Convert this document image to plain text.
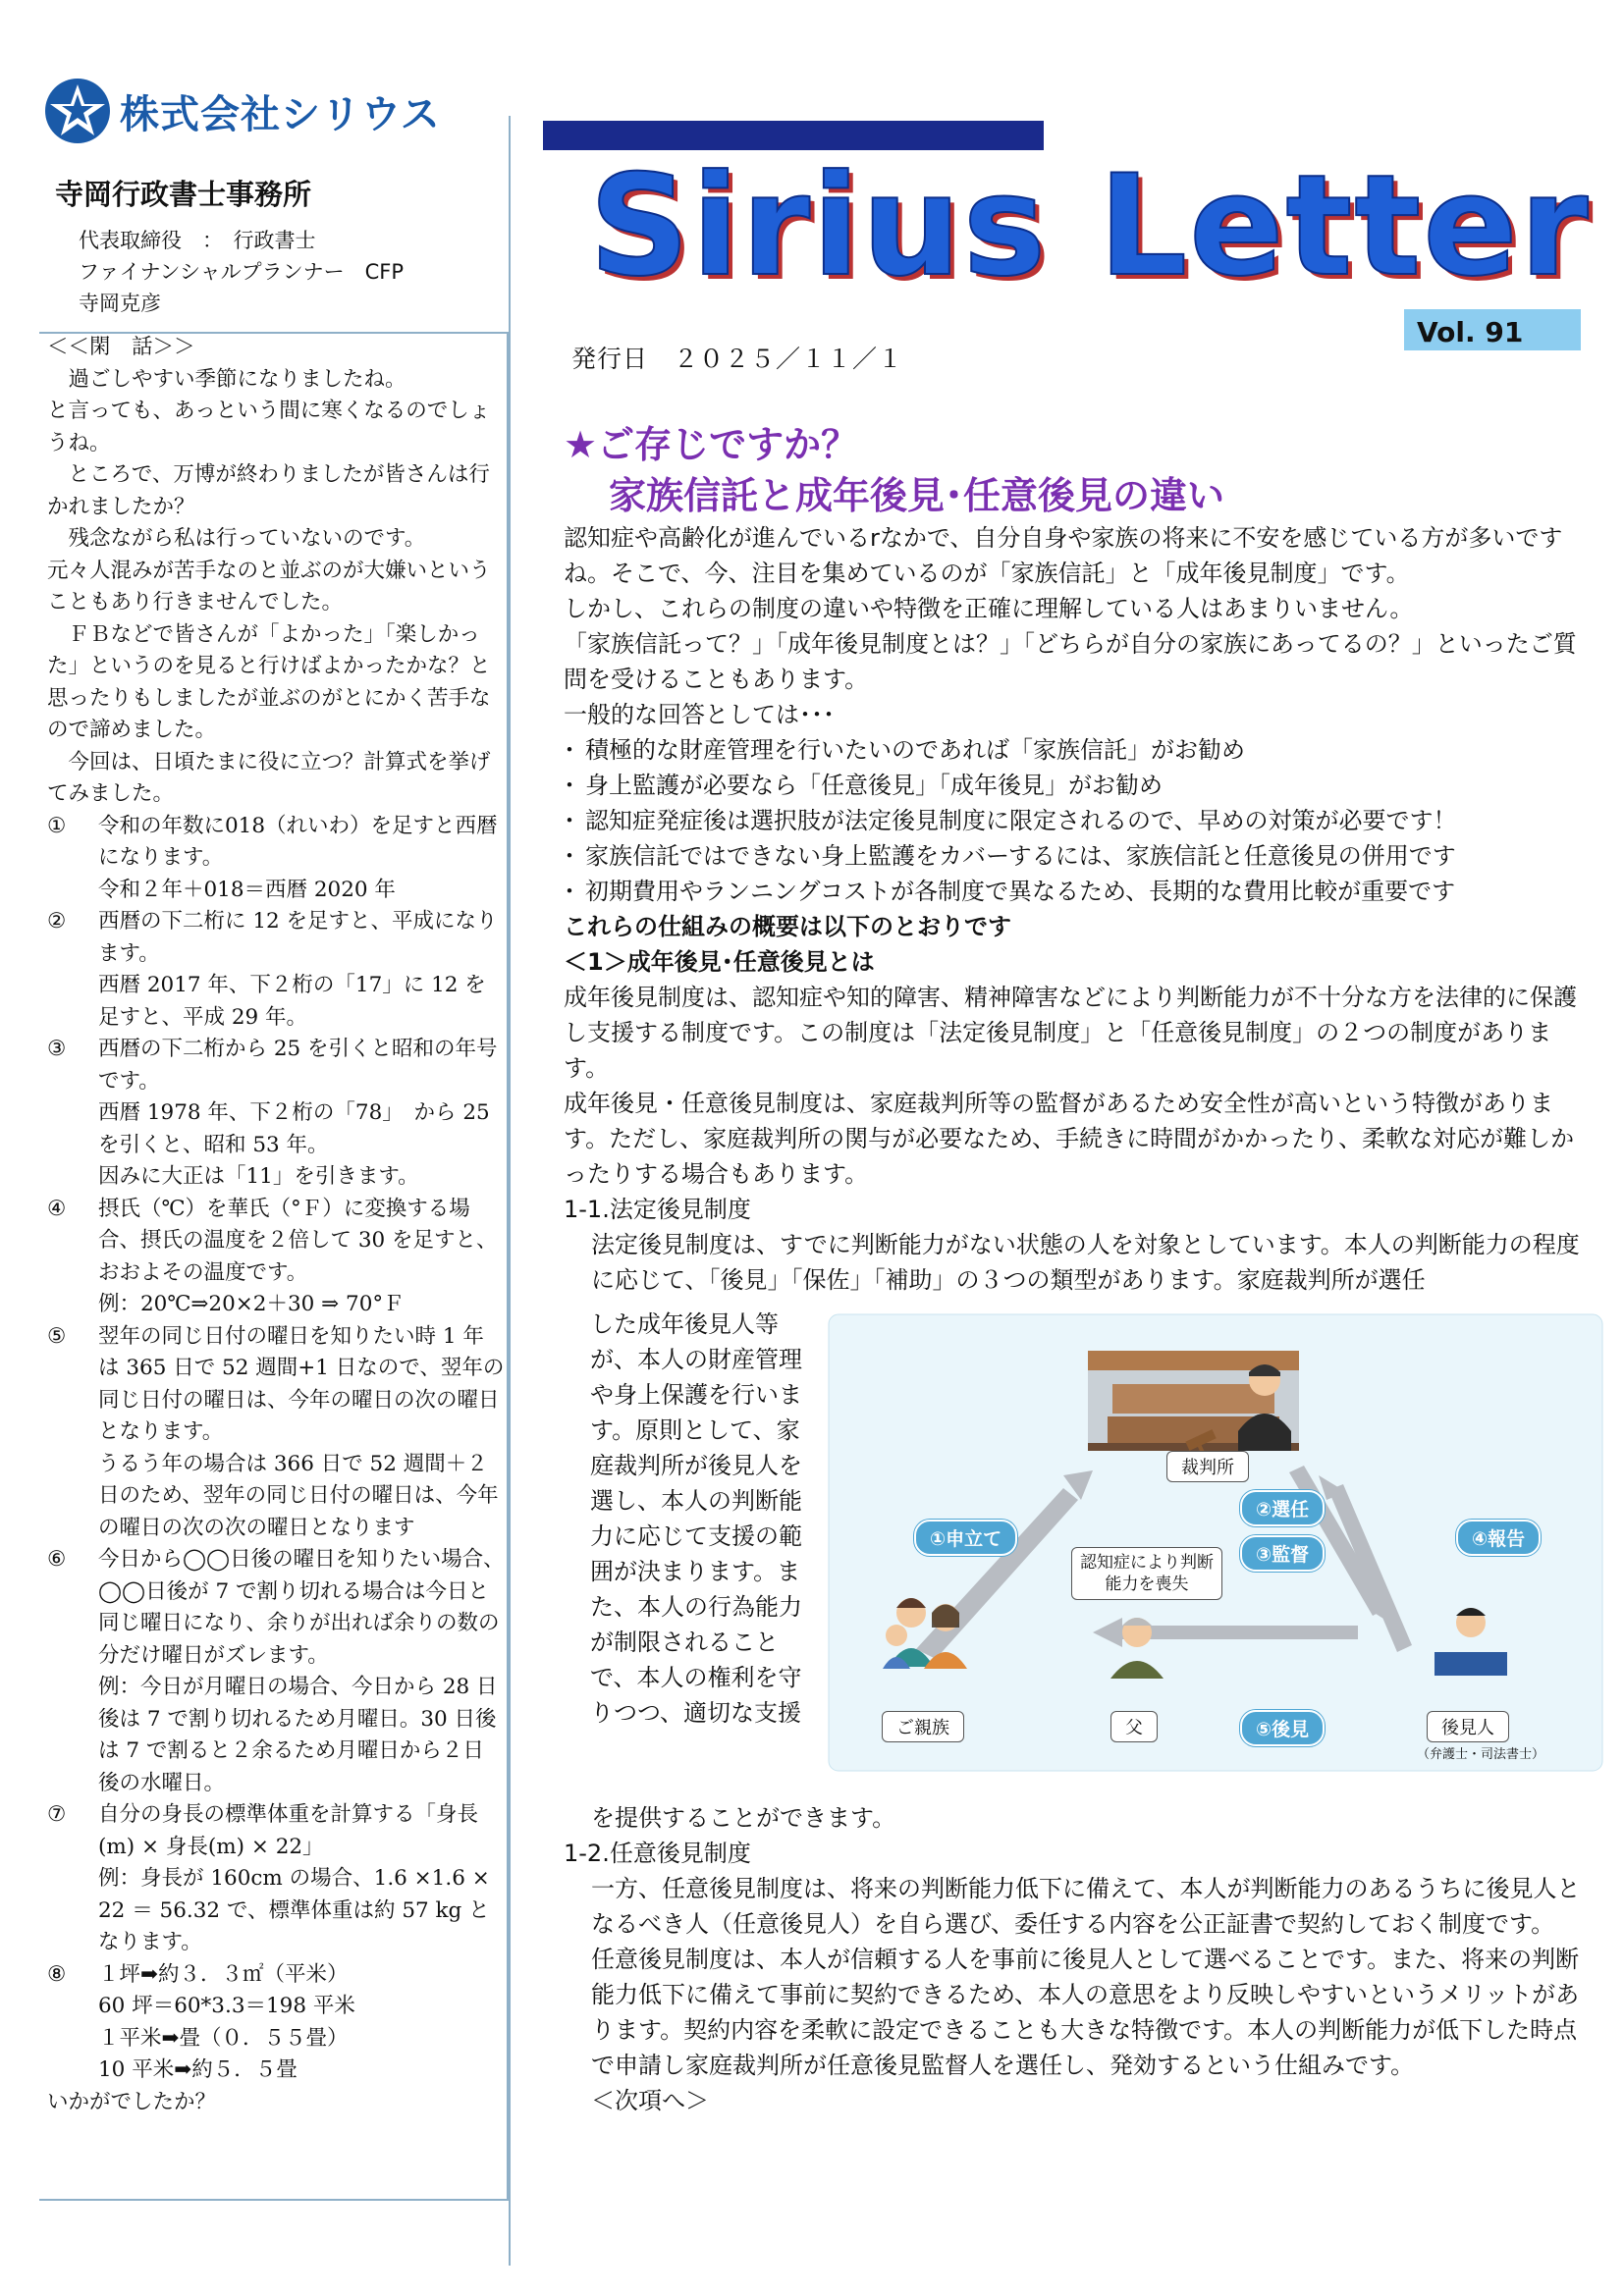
株式会社シリウス
寺岡行政書士事務所
代表取締役　：　行政書士
ファイナンシャルプランナー　CFP
寺岡克彦

＜＜閑　話＞＞

過ごしやすい季節になりましたね。

と言っても、あっという間に寒くなるのでしょうね。

ところで、万博が終わりましたが皆さんは行かれましたか？

残念ながら私は行っていないのです。

元々人混みが苦手なのと並ぶのが大嫌いということもあり行きませんでした。

ＦＢなどで皆さんが「よかった」「楽しかった」というのを見ると行けばよかったかな？と思ったりもしましたが並ぶのがとにかく苦手なので諦めました。

今回は、日頃たまに役に立つ？計算式を挙げてみました。

①	令和の年数に018（れいわ）を足すと西暦になります。

令和２年＋018＝西暦 2020 年

②	西暦の下二桁に 12 を足すと、平成になります。

西暦 2017 年、下２桁の「17」に 12 を足すと、平成 29 年。

③	西暦の下二桁から 25 を引くと昭和の年号です。

西暦 1978 年、下２桁の「78」　から 25 を引くと、昭和 53 年。

因みに大正は「11」を引きます。

④	摂氏（℃）を華氏（°Ｆ）に変換する場合、摂氏の温度を２倍して 30 を足すと、おおよその温度です。

例：20℃⇒20×2＋30 ⇒ 70°Ｆ

⑤	翌年の同じ日付の曜日を知りたい時 1 年は 365 日で 52 週間+1 日なので、翌年の同じ日付の曜日は、今年の曜日の次の曜日となります。

うるう年の場合は 366 日で 52 週間＋２日のため、翌年の同じ日付の曜日は、今年の曜日の次の次の曜日となります

⑥	今日から◯◯日後の曜日を知りたい場合、◯◯日後が 7 で割り切れる場合は今日と同じ曜日になり、余りが出れば余りの数の分だけ曜日がズレます。

例：今日が月曜日の場合、今日から 28 日後は 7 で割り切れるため月曜日。30 日後は 7 で割ると２余るため月曜日から２日後の水曜日。

⑦	自分の身長の標準体重を計算する「身長(m) × 身長(m) × 22」

例：身長が 160cm の場合、1.6 ×1.6 × 22 ＝ 56.32 で、標準体重は約 57 kg となります。

⑧	１坪➡約３．３㎡（平米）

60 坪＝60*3.3＝198 平米

１平米➡畳（０．５５畳）

10 平米➡約５．５畳

いかがでしたか？

Sirius Letter
Vol. 91
発行日　２０２５／１１／１
★ご存じですか？
家族信託と成年後見･任意後見の違い

認知症や高齢化が進んでいるrなかで、自分自身や家族の将来に不安を感じている方が多いですね。そこで、今、注目を集めているのが「家族信託」と「成年後見制度」です。

しかし、これらの制度の違いや特徴を正確に理解している人はあまりいません。

「家族信託って？」「成年後見制度とは？」「どちらが自分の家族にあってるの？」といったご質問を受けることもあります。

一般的な回答としては･･･

･ 積極的な財産管理を行いたいのであれば「家族信託」がお勧め
･ 身上監護が必要なら「任意後見」「成年後見」がお勧め
･ 認知症発症後は選択肢が法定後見制度に限定されるので、早めの対策が必要です！
･ 家族信託ではできない身上監護をカバーするには、家族信託と任意後見の併用です
･ 初期費用やランニングコストが各制度で異なるため、長期的な費用比較が重要です

これらの仕組みの概要は以下のとおりです

＜1＞成年後見･任意後見とは

成年後見制度は、認知症や知的障害、精神障害などにより判断能力が不十分な方を法律的に保護し支援する制度です。この制度は「法定後見制度」と「任意後見制度」の２つの制度があります。

成年後見・任意後見制度は、家庭裁判所等の監督があるため安全性が高いという特徴があります。ただし、家庭裁判所の関与が必要なため、手続きに時間がかかったり、柔軟な対応が難しかったりする場合もあります。

1-1.法定後見制度

法定後見制度は、すでに判断能力がない状態の人を対象としています。本人の判断能力の程度に応じて、「後見」「保佐」「補助」の３つの類型があります。家庭裁判所が選任

した成年後見人等が、本人の財産管理や身上保護を行います。原則として、家庭裁判所が後見人を選し、本人の判断能力に応じて支援の範囲が決まります。また、本人の行為能力が制限されることで、本人の権利を守りつつ、適切な支援

を提供することができます。

1-2.任意後見制度

一方、任意後見制度は、将来の判断能力低下に備えて、本人が判断能力のあるうちに後見人となるべき人（任意後見人）を自ら選び、委任する内容を公正証書で契約しておく制度です。

任意後見制度は、本人が信頼する人を事前に後見人として選べることです。また、将来の判断能力低下に備えて事前に契約できるため、本人の意思をより反映しやすいというメリットがあります。契約内容を柔軟に設定できることも大きな特徴です。本人の判断能力が低下した時点で申請し家庭裁判所が任意後見監督人を選任し、発効するという仕組みです。

＜次項へ＞

裁判所
ご親族	父	後見人
（弁護士・司法書士）
認知症により判断能力を喪失
①申立て
②選任
③監督
④報告
⑤後見
